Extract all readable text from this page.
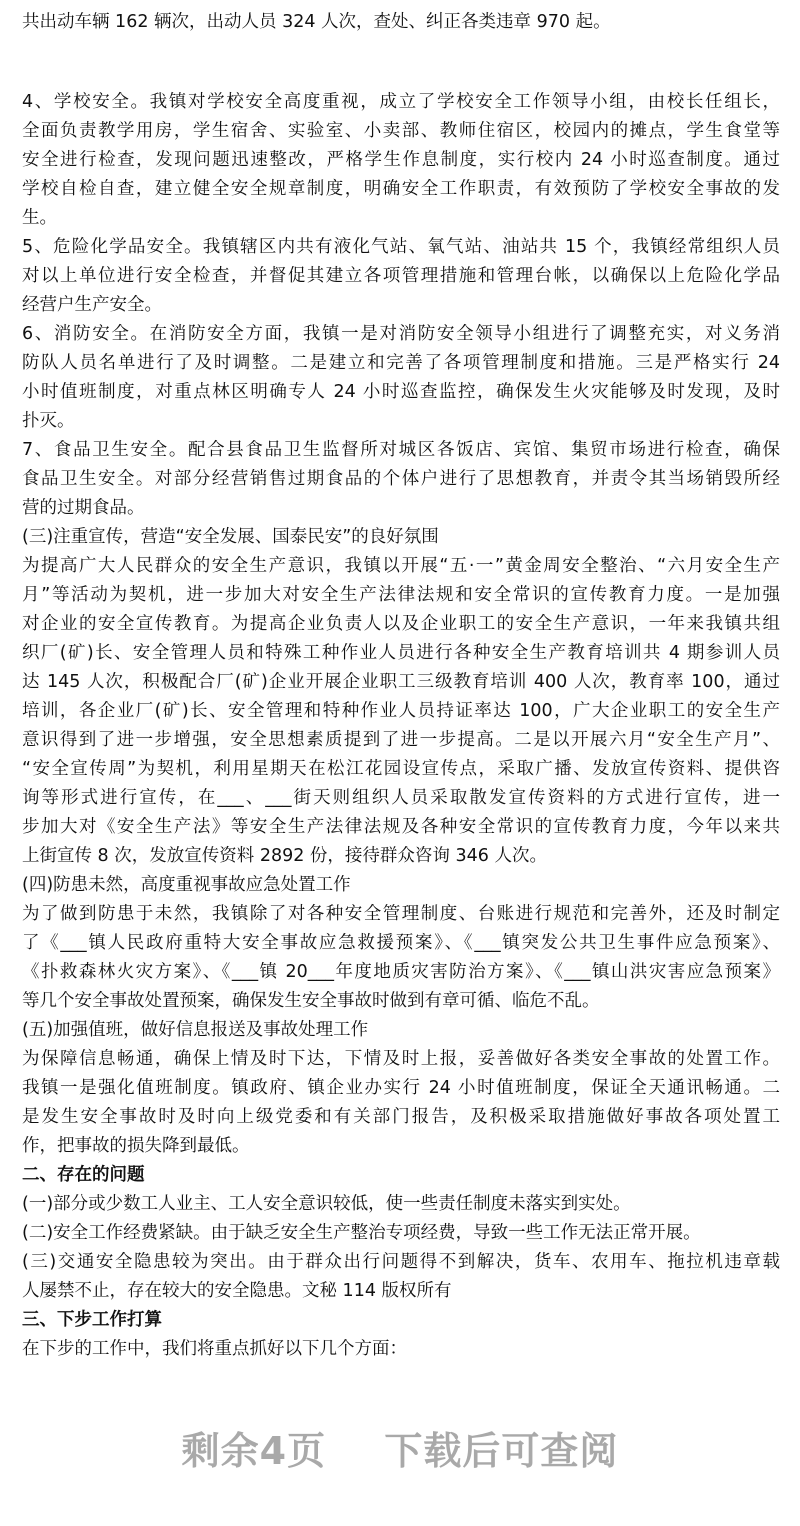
共出动车辆 162 辆次，出动人员 324 人次，查处、纠正各类违章 970 起。
4、学校安全。我镇对学校安全高度重视，成立了学校安全工作领导小组，由校长任组长，
全面负责教学用房，学生宿舍、实验室、小卖部、教师住宿区，校园内的摊点，学生食堂等
安全进行检查，发现问题迅速整改，严格学生作息制度，实行校内 24 小时巡查制度。通过
学校自检自查，建立健全安全规章制度，明确安全工作职责，有效预防了学校安全事故的发
生。
5、危险化学品安全。我镇辖区内共有液化气站、氧气站、油站共 15 个，我镇经常组织人员
对以上单位进行安全检查，并督促其建立各项管理措施和管理台帐，以确保以上危险化学品
经营户生产安全。
6、消防安全。在消防安全方面，我镇一是对消防安全领导小组进行了调整充实，对义务消
防队人员名单进行了及时调整。二是建立和完善了各项管理制度和措施。三是严格实行 24
小时值班制度，对重点林区明确专人 24 小时巡查监控，确保发生火灾能够及时发现，及时
扑灭。
7、食品卫生安全。配合县食品卫生监督所对城区各饭店、宾馆、集贸市场进行检查，确保
食品卫生安全。对部分经营销售过期食品的个体户进行了思想教育，并责令其当场销毁所经
营的过期食品。
(三)注重宣传，营造“安全发展、国泰民安”的良好氛围
为提高广大人民群众的安全生产意识，我镇以开展“五·一”黄金周安全整治、“六月安全生产
月”等活动为契机，进一步加大对安全生产法律法规和安全常识的宣传教育力度。一是加强
对企业的安全宣传教育。为提高企业负责人以及企业职工的安全生产意识，一年来我镇共组
织厂(矿)长、安全管理人员和特殊工种作业人员进行各种安全生产教育培训共 4 期参训人员
达 145 人次，积极配合厂(矿)企业开展企业职工三级教育培训 400 人次，教育率 100，通过
培训，各企业厂(矿)长、安全管理和特种作业人员持证率达 100，广大企业职工的安全生产
意识得到了进一步增强，安全思想素质提到了进一步提高。二是以开展六月“安全生产月”、
“安全宣传周”为契机，利用星期天在松江花园设宣传点，采取广播、发放宣传资料、提供咨
询等形式进行宣传，在___、___街天则组织人员采取散发宣传资料的方式进行宣传，进一
步加大对《安全生产法》等安全生产法律法规及各种安全常识的宣传教育力度，今年以来共
上街宣传 8 次，发放宣传资料 2892 份，接待群众咨询 346 人次。
(四)防患未然，高度重视事故应急处置工作
为了做到防患于未然，我镇除了对各种安全管理制度、台账进行规范和完善外，还及时制定
了《___镇人民政府重特大安全事故应急救援预案》、《___镇突发公共卫生事件应急预案》、
《扑救森林火灾方案》、《___镇 20___年度地质灾害防治方案》、《___镇山洪灾害应急预案》
等几个安全事故处置预案，确保发生安全事故时做到有章可循、临危不乱。
(五)加强值班，做好信息报送及事故处理工作
为保障信息畅通，确保上情及时下达，下情及时上报，妥善做好各类安全事故的处置工作。
我镇一是强化值班制度。镇政府、镇企业办实行 24 小时值班制度，保证全天通讯畅通。二
是发生安全事故时及时向上级党委和有关部门报告，及积极采取措施做好事故各项处置工
作，把事故的损失降到最低。
二、存在的问题
(一)部分或少数工人业主、工人安全意识较低，使一些责任制度未落实到实处。
(二)安全工作经费紧缺。由于缺乏安全生产整治专项经费，导致一些工作无法正常开展。
(三)交通安全隐患较为突出。由于群众出行问题得不到解决，货车、农用车、拖拉机违章载
人屡禁不止，存在较大的安全隐患。文秘 114 版权所有
三、下步工作打算
在下步的工作中，我们将重点抓好以下几个方面：
剩余4页 下载后可查阅
